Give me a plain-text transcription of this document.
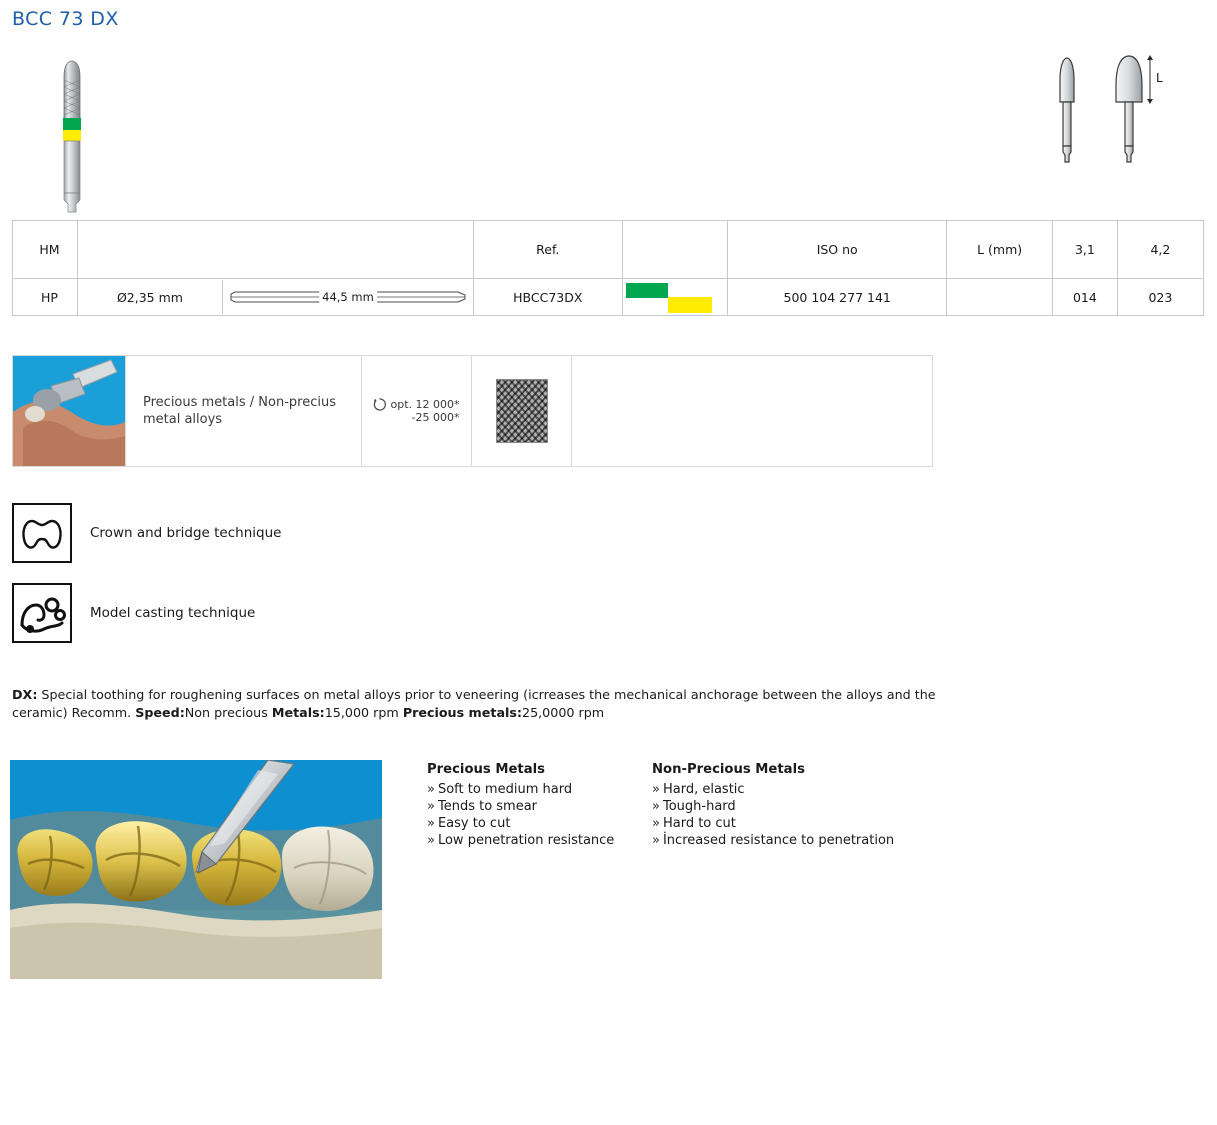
BCC 73 DX
L
HM		Ref.		ISO no	L (mm)	3,1	4,2
HP	Ø2,35 mm 44,5 mm	HBCC73DX		500 104 277 141		014	023
Precious metals / Non-precius metal alloys
opt. 12 000*
-25 000*
Crown and bridge technique
Model casting technique
DX: Special toothing for roughening surfaces on metal alloys prior to veneering (icrreases the mechanical anchorage between the alloys and the ceramic) Recomm. Speed:Non precious Metals:15,000 rpm Precious metals:25,0000 rpm
Precious Metals
» Soft to medium hard
» Tends to smear
» Easy to cut
» Low penetration resistance
Non-Precious Metals
» Hard, elastic
» Tough-hard
» Hard to cut
» İncreased resistance to penetration
